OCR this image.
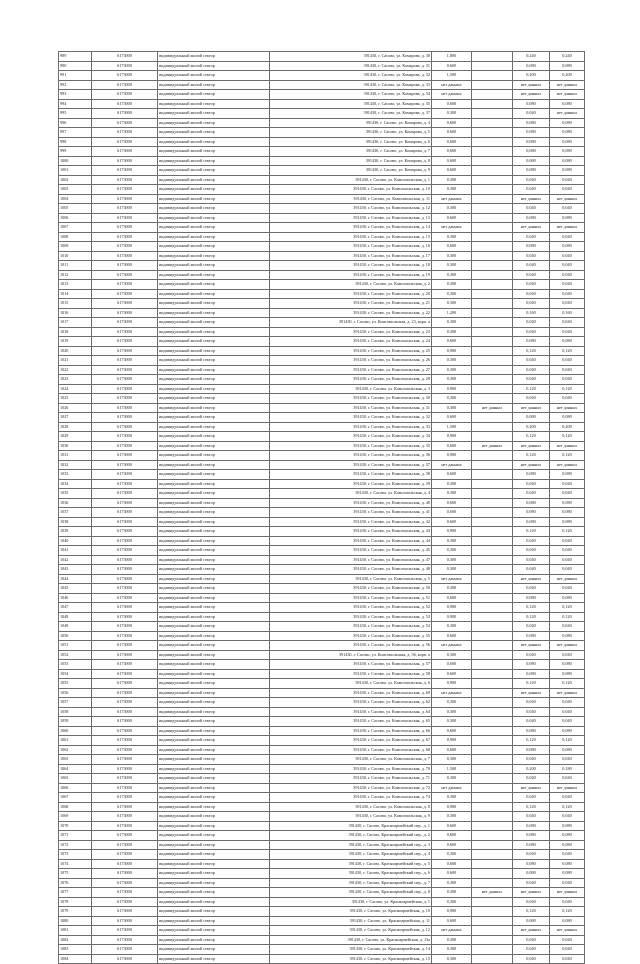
989	6173000	индивидуальный жилой сектор	391430, г. Сасово, ул. Комарова, д. 30	1,800		0,240	0,240
990	6173000	индивидуальный жилой сектор	391430, г. Сасово, ул. Комарова, д. 31	0,600		0,080	0,080
991	6173000	индивидуальный жилой сектор	391430, г. Сасово, ул. Комарова, д. 32	1,500		0,200	0,200
992	6173000	индивидуальный жилой сектор	391430, г. Сасово, ул. Комарова, д. 33	нет данных		нет данных	нет данных
993	6173000	индивидуальный жилой сектор	391430, г. Сасово, ул. Комарова, д. 34	нет данных		нет данных	нет данных
994	6173000	индивидуальный жилой сектор	391430, г. Сасово, ул. Комарова, д. 35	0,600		0,080	0,080
995	6173000	индивидуальный жилой сектор	391430, г. Сасово, ул. Комарова, д. 37	0,300		0,040	нет данных
996	6173000	индивидуальный жилой сектор	391430, г. Сасово, ул. Комарова, д. 4	0,600		0,080	0,080
997	6173000	индивидуальный жилой сектор	391430, г. Сасово, ул. Комарова, д. 5	0,600		0,080	0,080
998	6173000	индивидуальный жилой сектор	391430, г. Сасово, ул. Комарова, д. 6	0,600		0,080	0,080
999	6173000	индивидуальный жилой сектор	391430, г. Сасово, ул. Комарова, д. 7	0,600		0,080	0,080
1000	6173000	индивидуальный жилой сектор	391430, г. Сасово, ул. Комарова, д. 8	0,600		0,080	0,080
1001	6173000	индивидуальный жилой сектор	391430, г. Сасово, ул. Комарова, д. 9	0,600		0,080	0,080
1002	6173000	индивидуальный жилой сектор	391430, г. Сасово, ул. Комсомольская, д. 1	0,300		0,040	0,040
1003	6173000	индивидуальный жилой сектор	391430, г. Сасово, ул. Комсомольская, д. 10	0,300		0,040	0,040
1004	6173000	индивидуальный жилой сектор	391430, г. Сасово, ул. Комсомольская, д. 11	нет данных		нет данных	нет данных
1005	6173000	индивидуальный жилой сектор	391430, г. Сасово, ул. Комсомольская, д. 12	0,300		0,040	0,040
1006	6173000	индивидуальный жилой сектор	391430, г. Сасово, ул. Комсомольская, д. 13	0,600		0,080	0,080
1007	6173000	индивидуальный жилой сектор	391430, г. Сасово, ул. Комсомольская, д. 14	нет данных		нет данных	нет данных
1008	6173000	индивидуальный жилой сектор	391430, г. Сасово, ул. Комсомольская, д. 15	0,300		0,040	0,040
1009	6173000	индивидуальный жилой сектор	391430, г. Сасово, ул. Комсомольская, д. 16	0,600		0,080	0,080
1010	6173000	индивидуальный жилой сектор	391430, г. Сасово, ул. Комсомольская, д. 17	0,300		0,040	0,040
1011	6173000	индивидуальный жилой сектор	391430, г. Сасово, ул. Комсомольская, д. 18	0,300		0,040	0,040
1012	6173000	индивидуальный жилой сектор	391430, г. Сасово, ул. Комсомольская, д. 19	0,300		0,040	0,040
1013	6173000	индивидуальный жилой сектор	391430, г. Сасово, ул. Комсомольская, д. 2	0,300		0,040	0,040
1014	6173000	индивидуальный жилой сектор	391430, г. Сасово, ул. Комсомольская, д. 20	0,300		0,040	0,040
1015	6173000	индивидуальный жилой сектор	391430, г. Сасово, ул. Комсомольская, д. 21	0,300		0,040	0,040
1016	6173000	индивидуальный жилой сектор	391430, г. Сасово, ул. Комсомольская, д. 22	1,200		0,160	0,160
1017	6173000	индивидуальный жилой сектор	391430, г. Сасово, ул. Комсомольская, д. 23, корп. а	0,300		0,040	0,040
1018	6173000	индивидуальный жилой сектор	391430, г. Сасово, ул. Комсомольская, д. 23	0,300		0,040	0,040
1019	6173000	индивидуальный жилой сектор	391430, г. Сасово, ул. Комсомольская, д. 24	0,600		0,080	0,080
1020	6173000	индивидуальный жилой сектор	391430, г. Сасово, ул. Комсомольская, д. 25	0,900		0,120	0,120
1021	6173000	индивидуальный жилой сектор	391430, г. Сасово, ул. Комсомольская, д. 26	0,300		0,040	0,040
1022	6173000	индивидуальный жилой сектор	391430, г. Сасово, ул. Комсомольская, д. 27	0,300		0,040	0,040
1023	6173000	индивидуальный жилой сектор	391430, г. Сасово, ул. Комсомольская, д. 29	0,300		0,040	0,040
1024	6173000	индивидуальный жилой сектор	391430, г. Сасово, ул. Комсомольская, д. 3	0,900		0,120	0,120
1025	6173000	индивидуальный жилой сектор	391430, г. Сасово, ул. Комсомольская, д. 30	0,300		0,040	0,040
1026	6173000	индивидуальный жилой сектор	391430, г. Сасово, ул. Комсомольская, д. 31	0,300	нет данных	нет данных	нет данных
1027	6173000	индивидуальный жилой сектор	391430, г. Сасово, ул. Комсомольская, д. 32	0,600		0,080	0,080
1028	6173000	индивидуальный жилой сектор	391430, г. Сасово, ул. Комсомольская, д. 33	1,500		0,200	0,200
1029	6173000	индивидуальный жилой сектор	391430, г. Сасово, ул. Комсомольская, д. 34	0,900		0,120	0,120
1030	6173000	индивидуальный жилой сектор	391430, г. Сасово, ул. Комсомольская, д. 35	0,600	нет данных	нет данных	нет данных
1031	6173000	индивидуальный жилой сектор	391430, г. Сасово, ул. Комсомольская, д. 36	0,900		0,120	0,120
1032	6173000	индивидуальный жилой сектор	391430, г. Сасово, ул. Комсомольская, д. 37	нет данных		нет данных	нет данных
1033	6173000	индивидуальный жилой сектор	391430, г. Сасово, ул. Комсомольская, д. 38	0,600		0,080	0,080
1034	6173000	индивидуальный жилой сектор	391430, г. Сасово, ул. Комсомольская, д. 39	0,300		0,040	0,040
1035	6173000	индивидуальный жилой сектор	391430, г. Сасово, ул. Комсомольская, д. 4	0,300		0,040	0,040
1036	6173000	индивидуальный жилой сектор	391430, г. Сасово, ул. Комсомольская, д. 40	0,600		0,080	0,080
1037	6173000	индивидуальный жилой сектор	391430, г. Сасово, ул. Комсомольская, д. 41	0,600		0,080	0,080
1038	6173000	индивидуальный жилой сектор	391430, г. Сасово, ул. Комсомольская, д. 42	0,600		0,080	0,080
1039	6173000	индивидуальный жилой сектор	391430, г. Сасово, ул. Комсомольская, д. 43	0,900		0,120	0,120
1040	6173000	индивидуальный жилой сектор	391430, г. Сасово, ул. Комсомольская, д. 44	0,300		0,040	0,040
1041	6173000	индивидуальный жилой сектор	391430, г. Сасово, ул. Комсомольская, д. 45	0,300		0,040	0,040
1042	6173000	индивидуальный жилой сектор	391430, г. Сасово, ул. Комсомольская, д. 47	0,300		0,040	0,040
1043	6173000	индивидуальный жилой сектор	391430, г. Сасово, ул. Комсомольская, д. 48	0,300		0,040	0,040
1044	6173000	индивидуальный жилой сектор	391430, г. Сасово, ул. Комсомольская, д. 5	нет данных		нет данных	нет данных
1045	6173000	индивидуальный жилой сектор	391430, г. Сасово, ул. Комсомольская, д. 50	0,300		0,040	0,040
1046	6173000	индивидуальный жилой сектор	391430, г. Сасово, ул. Комсомольская, д. 51	0,600		0,080	0,080
1047	6173000	индивидуальный жилой сектор	391430, г. Сасово, ул. Комсомольская, д. 52	0,900		0,120	0,120
1048	6173000	индивидуальный жилой сектор	391430, г. Сасово, ул. Комсомольская, д. 53	0,900		0,120	0,120
1049	6173000	индивидуальный жилой сектор	391430, г. Сасово, ул. Комсомольская, д. 54	0,300		0,040	0,040
1050	6173000	индивидуальный жилой сектор	391430, г. Сасово, ул. Комсомольская, д. 55	0,600		0,080	0,080
1051	6173000	индивидуальный жилой сектор	391430, г. Сасово, ул. Комсомольская, д. 56	нет данных		нет данных	нет данных
1052	6173000	индивидуальный жилой сектор	391430, г. Сасово, ул. Комсомольская, д. 56, корп. а	0,300		0,040	0,040
1053	6173000	индивидуальный жилой сектор	391430, г. Сасово, ул. Комсомольская, д. 57	0,600		0,080	0,080
1054	6173000	индивидуальный жилой сектор	391430, г. Сасово, ул. Комсомольская, д. 58	0,600		0,080	0,080
1055	6173000	индивидуальный жилой сектор	391430, г. Сасово, ул. Комсомольская, д. 6	0,900		0,120	0,120
1056	6173000	индивидуальный жилой сектор	391430, г. Сасово, ул. Комсомольская, д. 60	нет данных		нет данных	нет данных
1057	6173000	индивидуальный жилой сектор	391430, г. Сасово, ул. Комсомольская, д. 62	0,300		0,040	0,040
1058	6173000	индивидуальный жилой сектор	391430, г. Сасово, ул. Комсомольская, д. 64	0,300		0,040	0,040
1059	6173000	индивидуальный жилой сектор	391430, г. Сасово, ул. Комсомольская, д. 65	0,300		0,040	0,040
1060	6173000	индивидуальный жилой сектор	391430, г. Сасово, ул. Комсомольская, д. 66	0,600		0,080	0,080
1061	6173000	индивидуальный жилой сектор	391430, г. Сасово, ул. Комсомольская, д. 67	0,900		0,120	0,120
1062	6173000	индивидуальный жилой сектор	391430, г. Сасово, ул. Комсомольская, д. 68	0,600		0,080	0,080
1063	6173000	индивидуальный жилой сектор	391430, г. Сасово, ул. Комсомольская, д. 7	0,300		0,040	0,040
1064	6173000	индивидуальный жилой сектор	391430, г. Сасово, ул. Комсомольская, д. 70	1,500		0,200	0,180
1065	6173000	индивидуальный жилой сектор	391430, г. Сасово, ул. Комсомольская, д. 71	0,300		0,040	0,040
1066	6173000	индивидуальный жилой сектор	391430, г. Сасово, ул. Комсомольская, д. 72	нет данных		нет данных	нет данных
1067	6173000	индивидуальный жилой сектор	391430, г. Сасово, ул. Комсомольская, д. 74	0,300		0,040	0,040
1068	6173000	индивидуальный жилой сектор	391430, г. Сасово, ул. Комсомольская, д. 8	0,900		0,120	0,120
1069	6173000	индивидуальный жилой сектор	391430, г. Сасово, ул. Комсомольская, д. 9	0,300		0,040	0,040
1070	6173000	индивидуальный жилой сектор	391430, г. Сасово, Красноармейский пер., д. 1	0,600		0,080	0,080
1071	6173000	индивидуальный жилой сектор	391430, г. Сасово, Красноармейский пер., д. 2	0,600		0,080	0,080
1072	6173000	индивидуальный жилой сектор	391430, г. Сасово, Красноармейский пер., д. 3	0,600		0,080	0,080
1073	6173000	индивидуальный жилой сектор	391430, г. Сасово, Красноармейский пер., д. 4	0,300		0,040	0,040
1074	6173000	индивидуальный жилой сектор	391430, г. Сасово, Красноармейский пер., д. 5	0,600		0,080	0,080
1075	6173000	индивидуальный жилой сектор	391430, г. Сасово, Красноармейский пер., д. 6	0,600		0,080	0,080
1076	6173000	индивидуальный жилой сектор	391430, г. Сасово, Красноармейский пер., д. 7	0,300		0,040	0,040
1077	6173000	индивидуальный жилой сектор	391430, г. Сасово, Красноармейский пер., д. 8	0,300	нет данных	нет данных	нет данных
1078	6173000	индивидуальный жилой сектор	391430, г. Сасово, ул. Красноармейская, д. 1	0,300		0,040	0,040
1079	6173000	индивидуальный жилой сектор	391430, г. Сасово, ул. Красноармейская, д. 10	0,900		0,120	0,120
1080	6173000	индивидуальный жилой сектор	391430, г. Сасово, ул. Красноармейская, д. 11	0,600		0,080	0,080
1081	6173000	индивидуальный жилой сектор	391430, г. Сасово, ул. Красноармейская, д. 12	нет данных		нет данных	нет данных
1082	6173000	индивидуальный жилой сектор	391430, г. Сасово, ул. Красноармейская, д. 13а	0,300		0,040	0,040
1083	6173000	индивидуальный жилой сектор	391430, г. Сасово, ул. Красноармейская, д. 14	0,300		0,040	0,040
1084	6173000	индивидуальный жилой сектор	391430, г. Сасово, ул. Красноармейская, д. 15	0,300		0,040	0,040
